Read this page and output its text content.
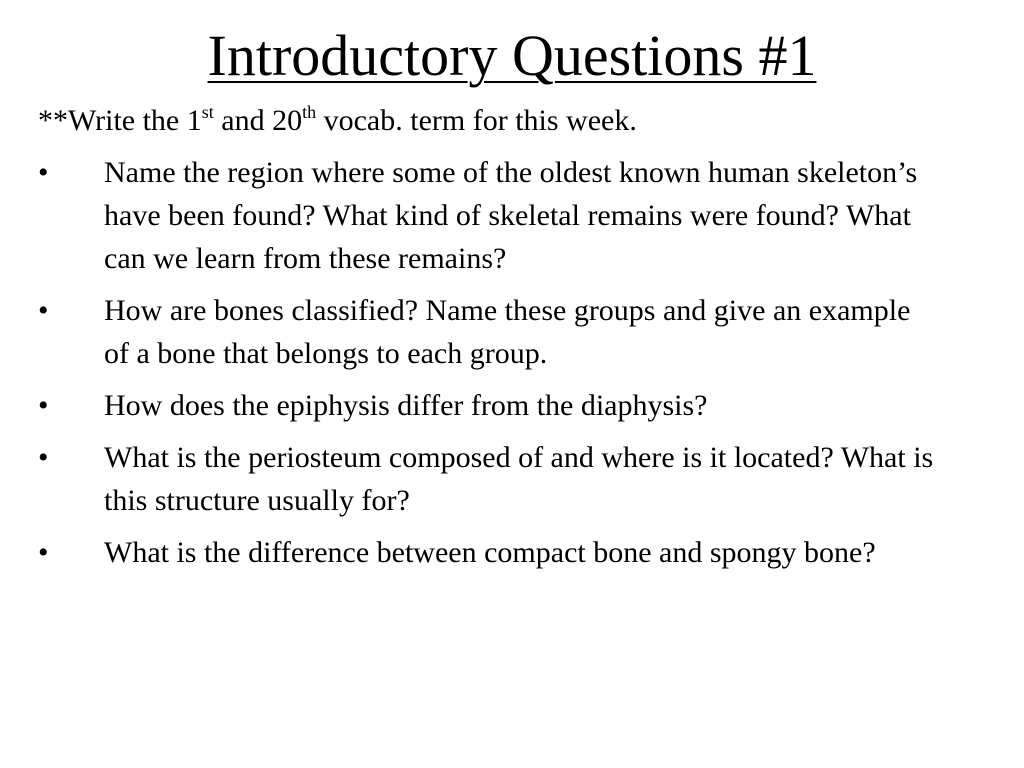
Introductory Questions #1

**Write the 1st and 20th vocab. term for this week.

• Name the region where some of the oldest known human skeleton’s have been found? What kind of skeletal remains were found? What can we learn from these remains?
• How are bones classified? Name these groups and give an example of a bone that belongs to each group.
• How does the epiphysis differ from the diaphysis?
• What is the periosteum composed of and where is it located? What is this structure usually for?
• What is the difference between compact bone and spongy bone?
